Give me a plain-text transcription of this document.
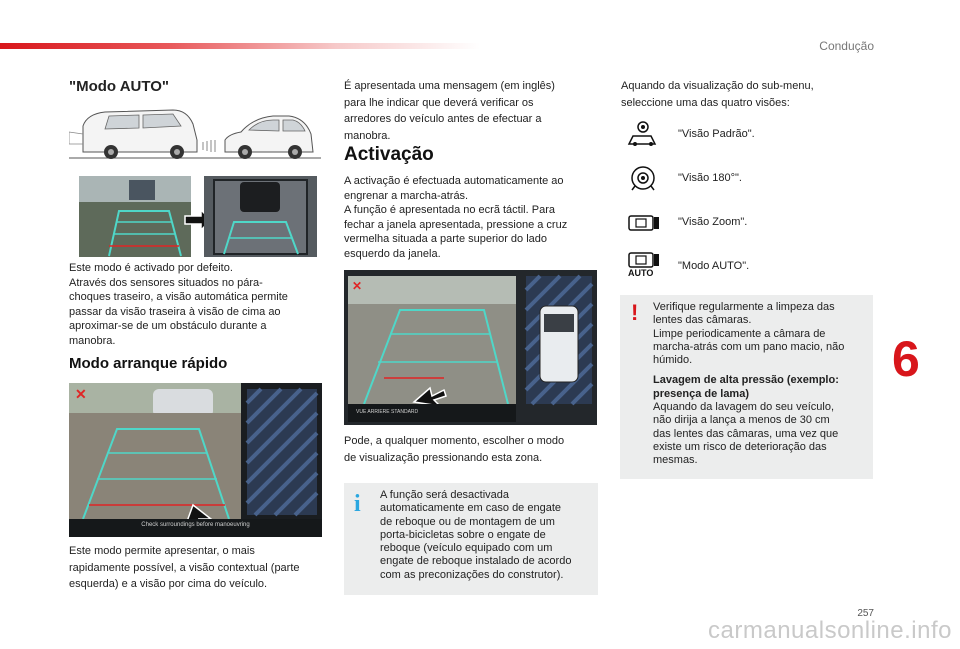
Condução
"Modo AUTO"
Este modo é activado por defeito.
Através dos sensores situados no pára-
choques traseiro, a visão automática permite
passar da visão traseira à visão de cima ao
aproximar-se de um obstáculo durante a
manobra.
Modo arranque rápido
✕
Check surroundings before manoeuvring
Este modo permite apresentar, o mais
rapidamente possível, a visão contextual (parte
esquerda) e a visão por cima do veículo.
É apresentada uma mensagem (em inglês)
para lhe indicar que deverá verificar os
arredores do veículo antes de efectuar a
manobra.
Activação
A activação é efectuada automaticamente ao
engrenar a marcha-atrás.
A função é apresentada no ecrã táctil. Para
fechar a janela apresentada, pressione a cruz
vermelha situada a parte superior do lado
esquerdo da janela.
✕
VUE ARRIERE STANDARD
Pode, a qualquer momento, escolher o modo
de visualização pressionando esta zona.
i A função será desactivada
automaticamente em caso de engate
de reboque ou de montagem de um
porta-bicicletas sobre o engate de
reboque (veículo equipado com um
engate de reboque instalado de acordo
com as preconizações do construtor).
Aquando da visualização do sub-menu,
seleccione uma das quatro visões:
"Visão Padrão".
"Visão 180°".
"Visão Zoom".
AUTO
"Modo AUTO".
! Verifique regularmente a limpeza das
lentes das câmaras.
Limpe periodicamente a câmara de
marcha-atrás com um pano macio, não
húmido.
Lavagem de alta pressão (exemplo:
presença de lama)
Aquando da lavagem do seu veículo,
não dirija a lança a menos de 30 cm
das lentes das câmaras, uma vez que
existe um risco de deterioração das
mesmas.
6
257
carmanualsonline.info
